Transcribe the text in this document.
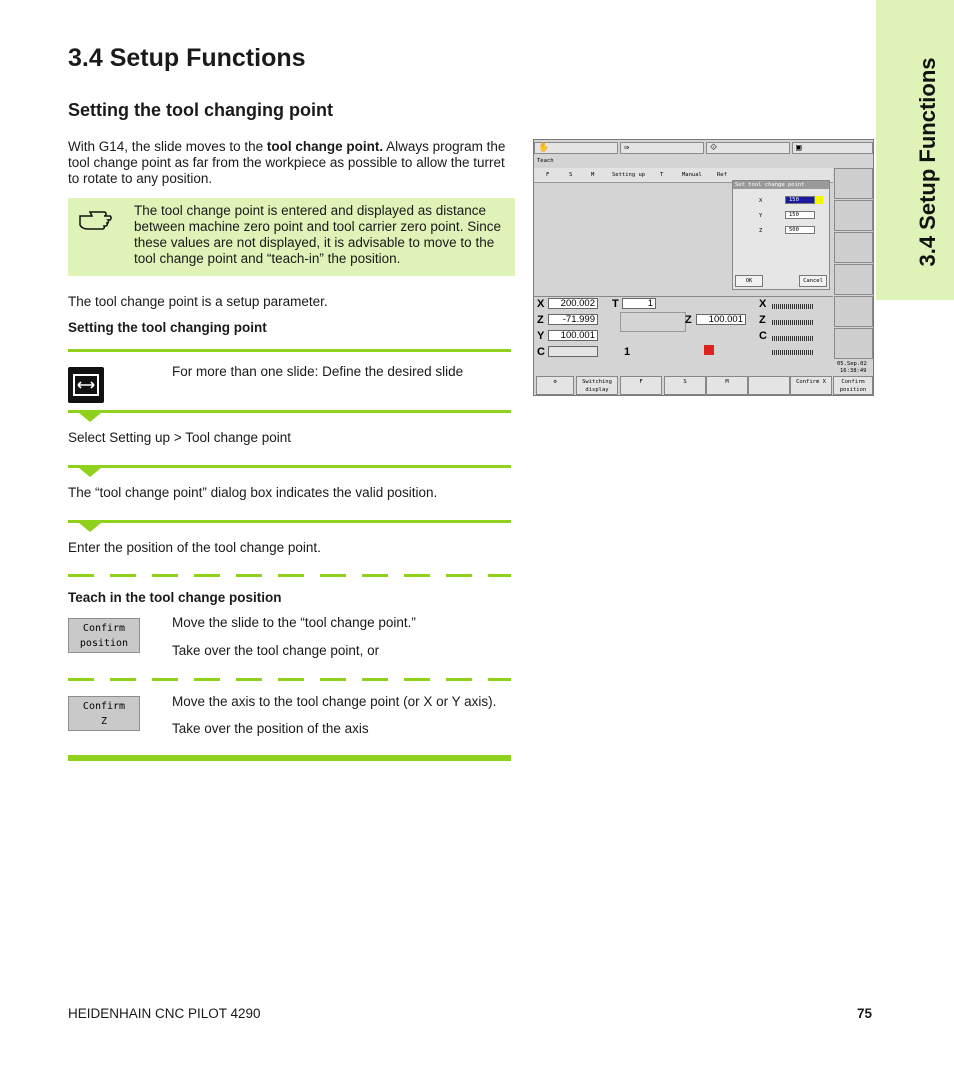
3.4 Setup Functions
Setting the tool changing point	3.4 Setup Functions
With G14, the slide moves to the tool change point. Always program the tool change point as far from the workpiece as possible to allow the turret to rotate to any position.
The tool change point is entered and displayed as distance between machine zero point and tool carrier zero point. Since these values are not displayed, it is advisable to move to the tool change point and “teach-in” the position.
The tool change point is a setup parameter.
Setting the tool changing point
For more than one slide: Define the desired slide
Select Setting up > Tool change point
The “tool change point” dialog box indicates the valid position.
Enter the position of the tool change point.
Teach in the tool change position
Confirm
position
Move the slide to the “tool change point.”
Take over the tool change point, or
Confirm
Z
Move the axis to the tool change point (or X or Y axis).
Take over the position of the axis
✋	⇛	⟐	▣
Teach
F	S	M	Setting up	T	Manual	Ref
Set tool change point
X	150
Y	150
Z	500
OK	Cancel
X	200.002
Z	-71.999
Y	100.001
C
T	1
Z	100.001
X
Z
C
1
05.Sep.02
16:38:49
⚙	Switching display
F	S	M	Confirm X	Confirm position
HEIDENHAIN CNC PILOT 4290	75
